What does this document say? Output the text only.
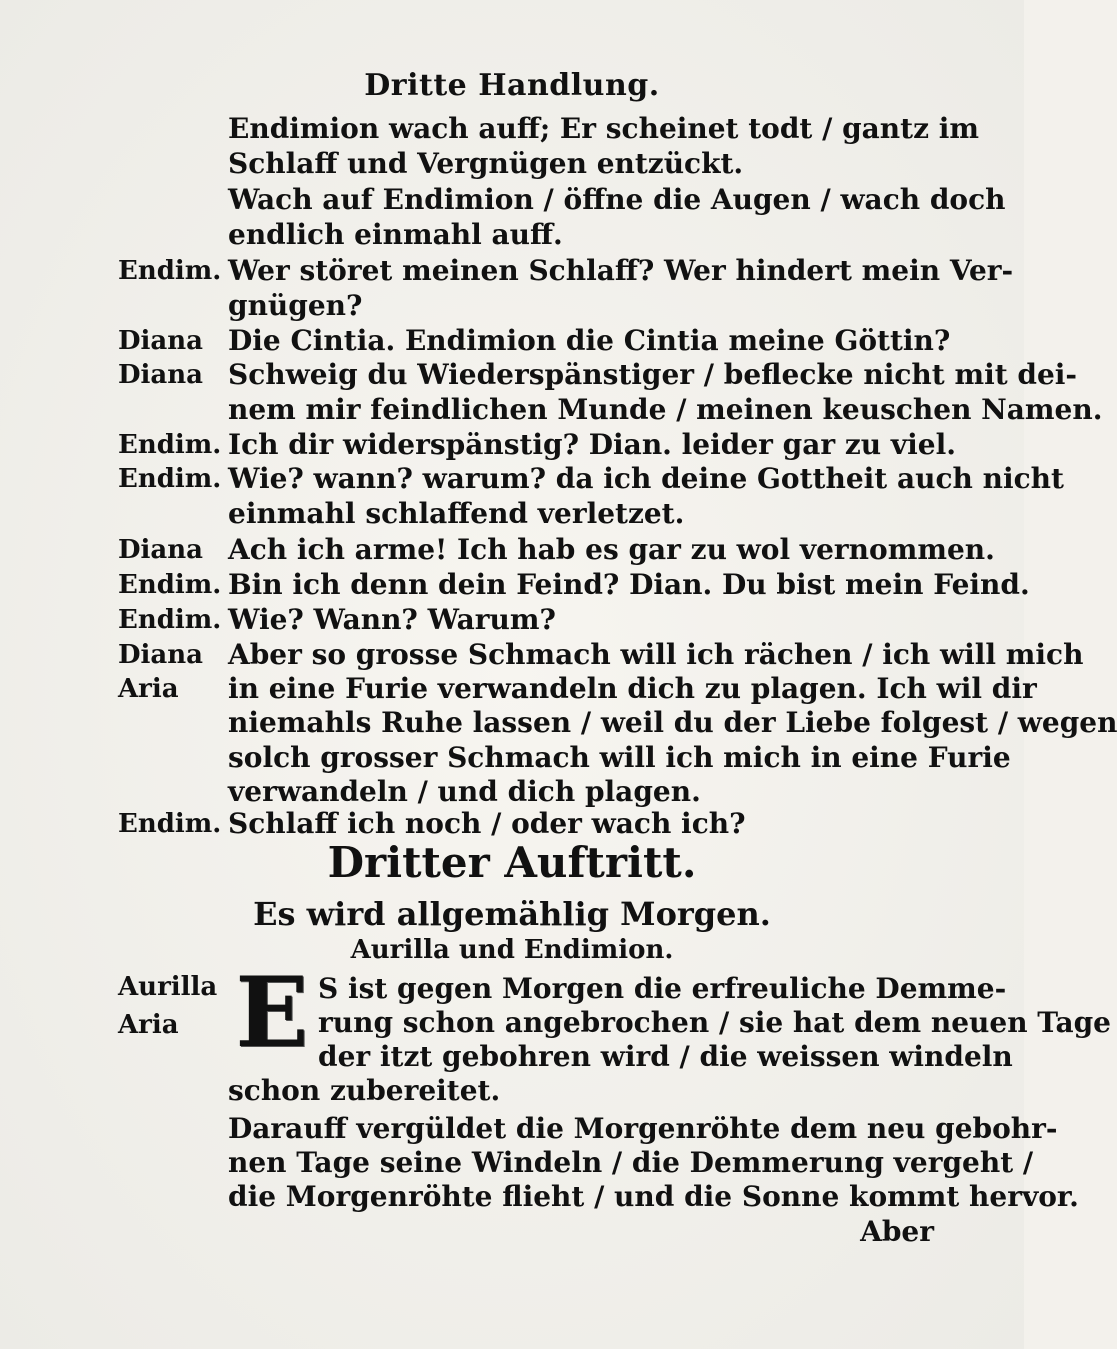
Dritte Handlung.
Endimion wach auff; Er scheinet todt / gantz im
Schlaff und Vergnügen entzückt.
Wach auf Endimion / öffne die Augen / wach doch
endlich einmahl auff.
Endim. Wer störet meinen Schlaff? Wer hindert mein Ver-
gnügen?
Diana Die Cintia. Endimion die Cintia meine Göttin?
Diana Schweig du Wiederspänstiger / beflecke nicht mit dei-
nem mir feindlichen Munde / meinen keuschen Namen.
Endim. Ich dir widerspänstig? Dian. leider gar zu viel.
Endim. Wie? wann? warum? da ich deine Gottheit auch nicht
einmahl schlaffend verletzet.
Diana Ach ich arme! Ich hab es gar zu wol vernommen.
Endim. Bin ich denn dein Feind? Dian. Du bist mein Feind.
Endim. Wie? Wann? Warum?
Diana Aber so grosse Schmach will ich rächen / ich will mich
Aria in eine Furie verwandeln dich zu plagen. Ich wil dir
niemahls Ruhe lassen / weil du der Liebe folgest / wegen
solch grosser Schmach will ich mich in eine Furie
verwandeln / und dich plagen.
Endim. Schlaff ich noch / oder wach ich?
Dritter Auftritt.
Es wird allgemählig Morgen.
Aurilla und Endimion.
Aurilla
Aria E S ist gegen Morgen die erfreuliche Demme-
rung schon angebrochen / sie hat dem neuen Tage
der itzt gebohren wird / die weissen windeln
schon zubereitet.
Darauff vergüldet die Morgenröhte dem neu gebohr-
nen Tage seine Windeln / die Demmerung vergeht /
die Morgenröhte flieht / und die Sonne kommt hervor.
Aber
